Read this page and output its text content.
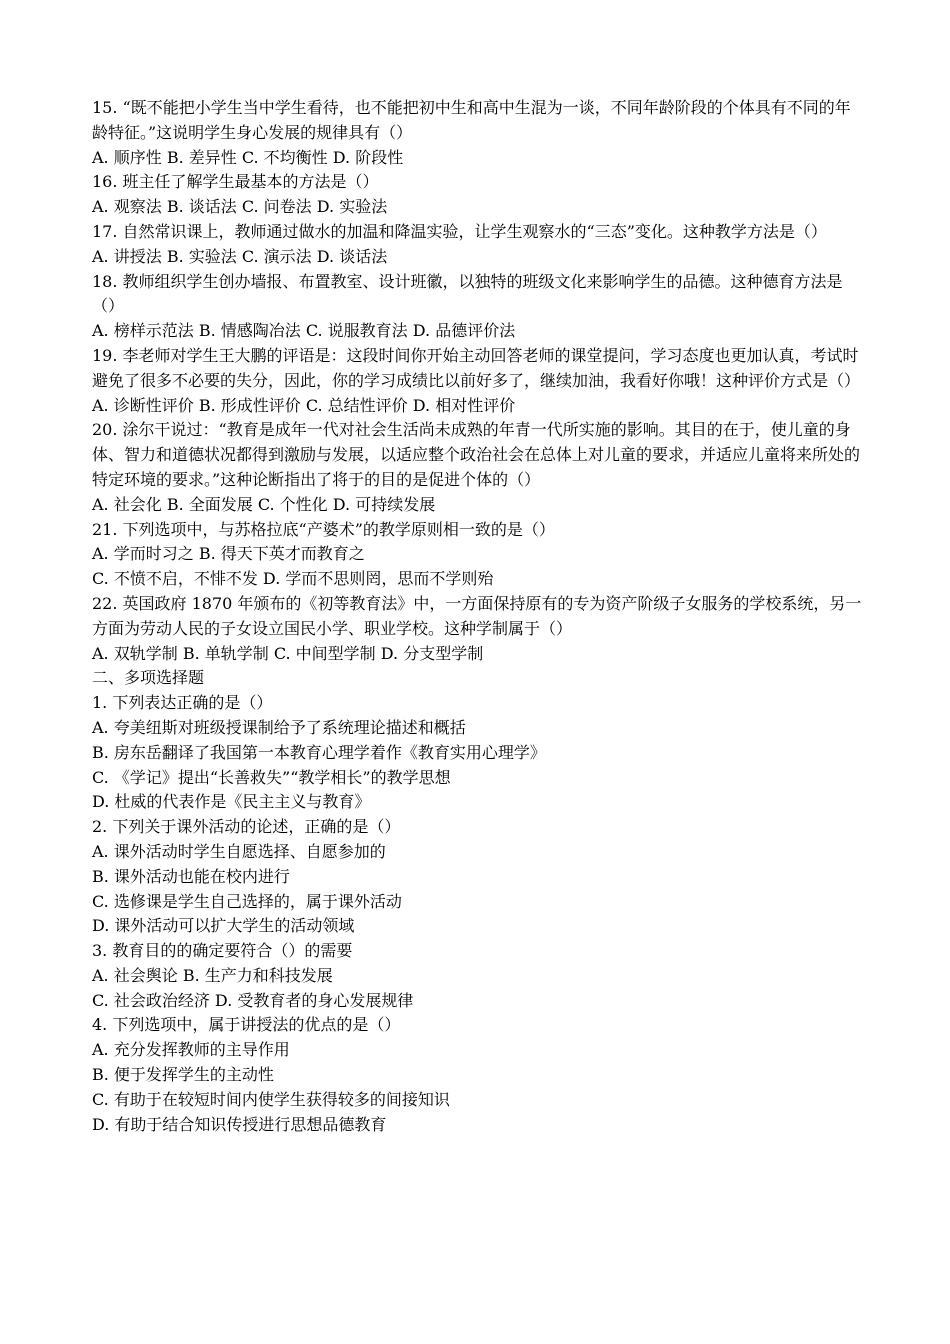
15. “既不能把小学生当中学生看待，也不能把初中生和高中生混为一谈，不同年龄阶段的个体具有不同的年龄特征。”这说明学生身心发展的规律具有（）
A. 顺序性 B. 差异性 C. 不均衡性 D. 阶段性
16. 班主任了解学生最基本的方法是（）
A. 观察法 B. 谈话法 C. 问卷法 D. 实验法
17. 自然常识课上，教师通过做水的加温和降温实验，让学生观察水的“三态”变化。这种教学方法是（）
A. 讲授法 B. 实验法 C. 演示法 D. 谈话法
18. 教师组织学生创办墙报、布置教室、设计班徽，以独特的班级文化来影响学生的品德。这种德育方法是（）
A. 榜样示范法 B. 情感陶冶法 C. 说服教育法 D. 品德评价法
19. 李老师对学生王大鹏的评语是：这段时间你开始主动回答老师的课堂提问，学习态度也更加认真，考试时避免了很多不必要的失分，因此，你的学习成绩比以前好多了，继续加油，我看好你哦！这种评价方式是（）
A. 诊断性评价 B. 形成性评价 C. 总结性评价 D. 相对性评价
20. 涂尔干说过：“教育是成年一代对社会生活尚未成熟的年青一代所实施的影响。其目的在于，使儿童的身体、智力和道德状况都得到激励与发展，以适应整个政治社会在总体上对儿童的要求，并适应儿童将来所处的特定环境的要求。”这种论断指出了将于的目的是促进个体的（）
A. 社会化 B. 全面发展 C. 个性化 D. 可持续发展
21. 下列选项中，与苏格拉底“产婆术”的教学原则相一致的是（）
A. 学而时习之 B. 得天下英才而教育之
C. 不愤不启，不悱不发 D. 学而不思则罔，思而不学则殆
22. 英国政府 1870 年颁布的《初等教育法》中，一方面保持原有的专为资产阶级子女服务的学校系统，另一方面为劳动人民的子女设立国民小学、职业学校。这种学制属于（）
A. 双轨学制 B. 单轨学制 C. 中间型学制 D. 分支型学制
二、多项选择题
1. 下列表达正确的是（）
A. 夸美纽斯对班级授课制给予了系统理论描述和概括
B. 房东岳翻译了我国第一本教育心理学着作《教育实用心理学》
C. 《学记》提出“长善救失”“教学相长”的教学思想
D. 杜威的代表作是《民主主义与教育》
2. 下列关于课外活动的论述，正确的是（）
A. 课外活动时学生自愿选择、自愿参加的
B. 课外活动也能在校内进行
C. 选修课是学生自己选择的，属于课外活动
D. 课外活动可以扩大学生的活动领域
3. 教育目的的确定要符合（）的需要
A. 社会舆论 B. 生产力和科技发展
C. 社会政治经济 D. 受教育者的身心发展规律
4. 下列选项中，属于讲授法的优点的是（）
A. 充分发挥教师的主导作用
B. 便于发挥学生的主动性
C. 有助于在较短时间内使学生获得较多的间接知识
D. 有助于结合知识传授进行思想品德教育
